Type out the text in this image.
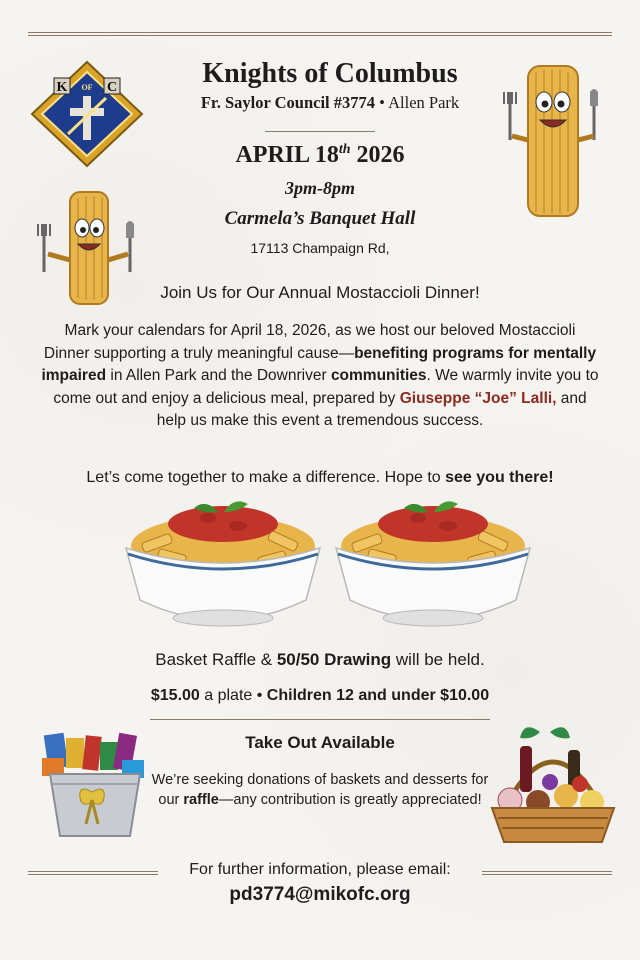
K	C
OF	Knights of Columbus
Fr. Saylor Council #3774 • Allen Park
APRIL 18th 2026
3pm-8pm
Carmela’s Banquet Hall
17113 Champaign Rd,
Join Us for Our Annual Mostaccioli Dinner!
Mark your calendars for April 18, 2026, as we host our beloved Mostaccioli Dinner supporting a truly meaningful cause—benefiting programs for mentally impaired in Allen Park and the Downriver communities. We warmly invite you to come out and enjoy a delicious meal, prepared by Giuseppe “Joe” Lalli, and help us make this event a tremendous success.
Let’s come together to make a difference. Hope to see you there!
Basket Raffle & 50/50 Drawing will be held.
$15.00 a plate • Children 12 and under $10.00
Take Out Available
We’re seeking donations of baskets and desserts for our raffle—any contribution is greatly appreciated!
For further information, please email:
pd3774@mikofc.org
